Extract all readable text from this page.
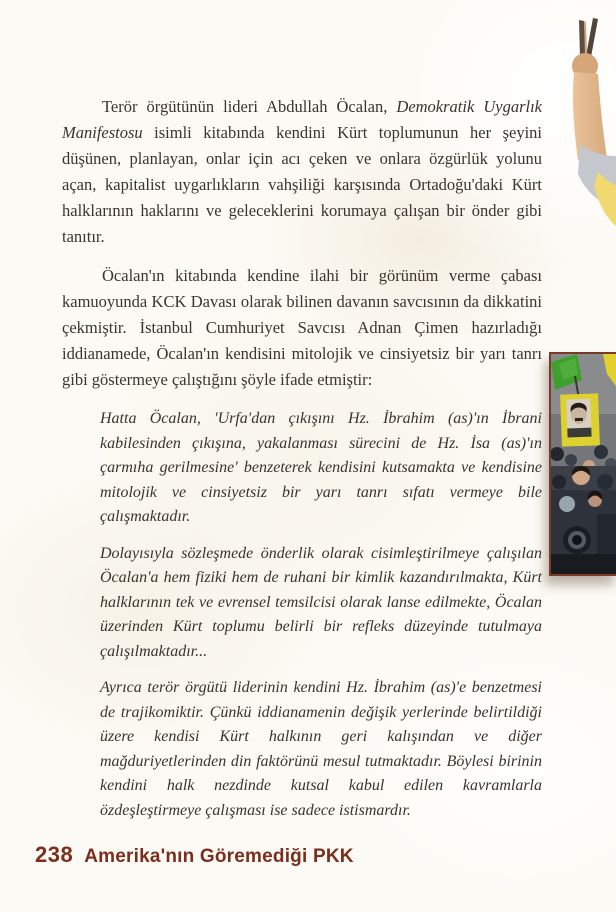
Terör örgütünün lideri Abdullah Öcalan, Demokratik Uygarlık Manifestosu isimli kitabında kendini Kürt toplumunun her şeyini düşünen, planlayan, onlar için acı çeken ve onlara özgürlük yolunu açan, kapitalist uygarlıkların vahşiliği karşısında Ortadoğu'daki Kürt halklarının haklarını ve geleceklerini korumaya çalışan bir önder gibi tanıtır.

Öcalan'ın kitabında kendine ilahi bir görünüm verme çabası kamuoyunda KCK Davası olarak bilinen davanın savcısının da dikkatini çekmiştir. İstanbul Cumhuriyet Savcısı Adnan Çimen hazırladığı iddianamede, Öcalan'ın kendisini mitolojik ve cinsiyetsiz bir yarı tanrı gibi göstermeye çalıştığını şöyle ifade etmiştir:

Hatta Öcalan, 'Urfa'dan çıkışını Hz. İbrahim (as)'ın İbrani kabilesinden çıkışına, yakalanması sürecini de Hz. İsa (as)'ın çarmıha gerilmesine' benzeterek kendisini kutsamakta ve kendisine mitolojik ve cinsiyetsiz bir yarı tanrı sıfatı vermeye bile çalışmaktadır.

Dolayısıyla sözleşmede önderlik olarak cisimleştirilmeye çalışılan Öcalan'a hem fiziki hem de ruhani bir kimlik kazandırılmakta, Kürt halklarının tek ve evrensel temsilcisi olarak lanse edilmekte, Öcalan üzerinden Kürt toplumu belirli bir refleks düzeyinde tutulmaya çalışılmaktadır...

Ayrıca terör örgütü liderinin kendini Hz. İbrahim (as)'e benzetmesi de trajikomiktir. Çünkü iddianamenin değişik yerlerinde belirtildiği üzere kendisi Kürt halkının geri kalışından ve diğer mağduriyetlerinden din faktörünü mesul tutmaktadır. Böylesi birinin kendini halk nezdinde kutsal kabul edilen kavramlarla özdeşleştirmeye çalışması ise sadece istismardır.

238 Amerika'nın Göremediği PKK
